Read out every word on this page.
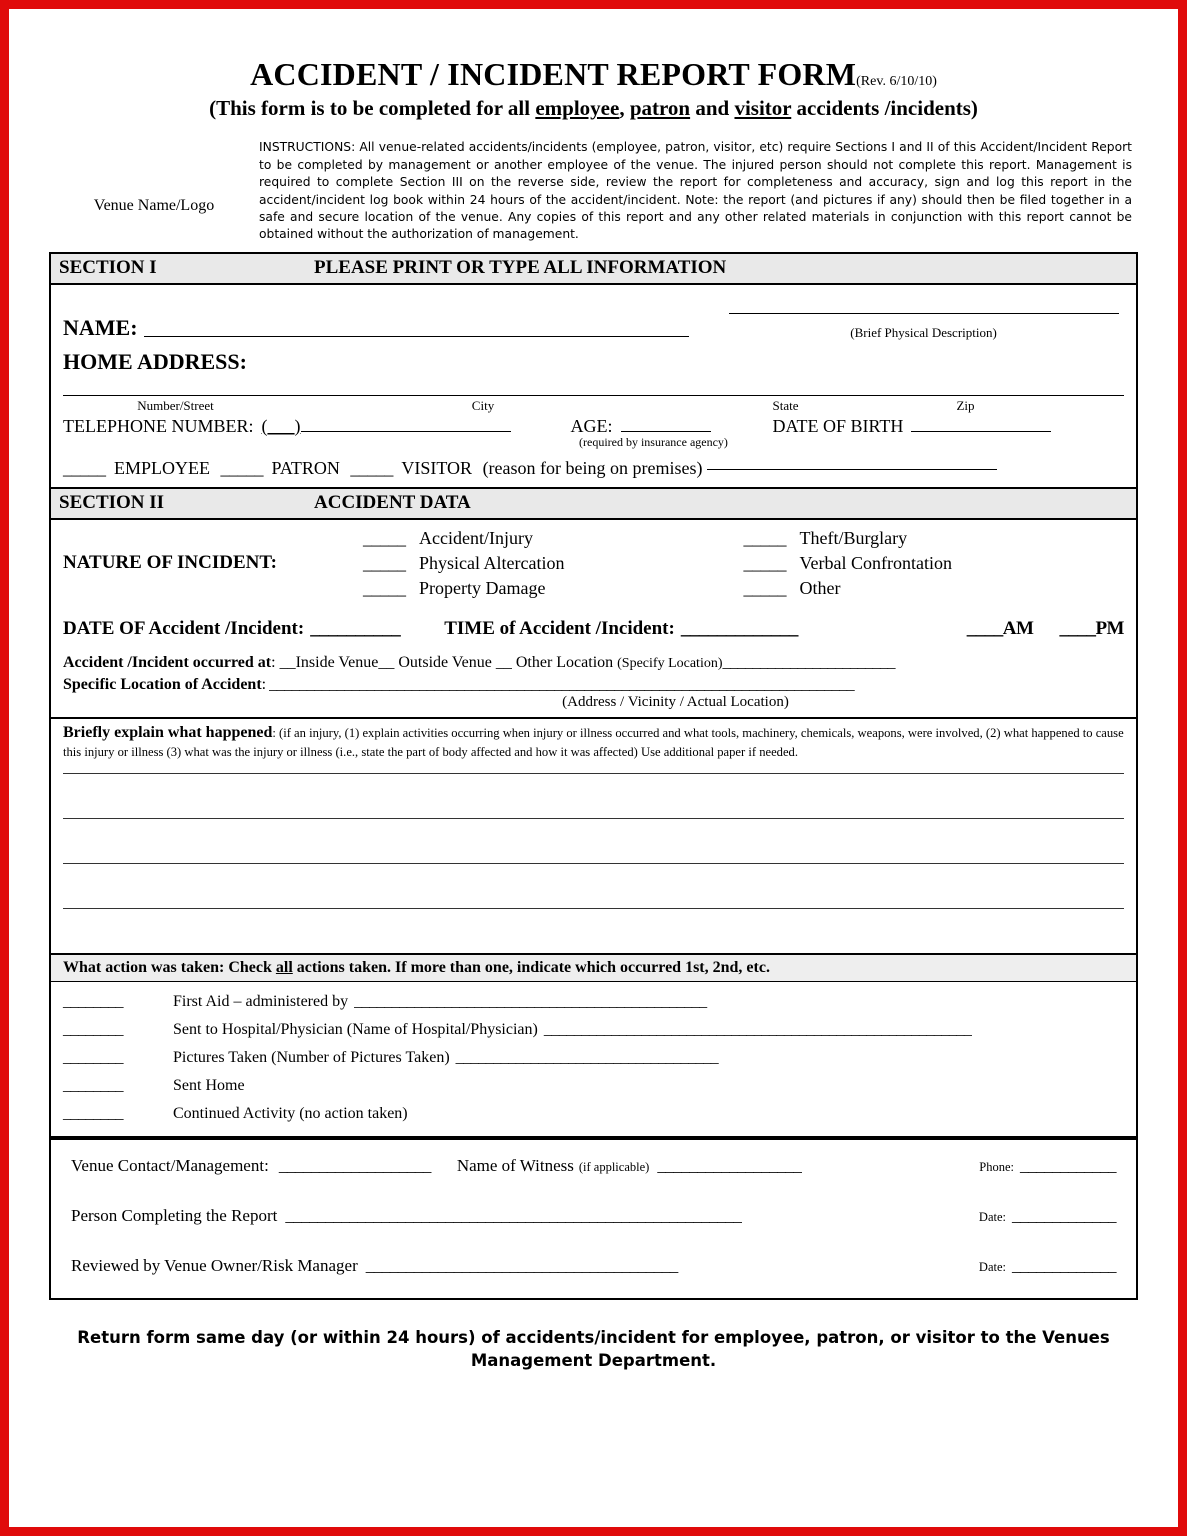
ACCIDENT / INCIDENT REPORT FORM(Rev. 6/10/10)
(This form is to be completed for all employee, patron and visitor accidents /incidents)
Venue Name/Logo
INSTRUCTIONS: All venue-related accidents/incidents (employee, patron, visitor, etc) require Sections I and II of this Accident/Incident Report to be completed by management or another employee of the venue. The injured person should not complete this report. Management is required to complete Section III on the reverse side, review the report for completeness and accuracy, sign and log this report in the accident/incident log book within 24 hours of the accident/incident. Note: the report (and pictures if any) should then be filed together in a safe and secure location of the venue. Any copies of this report and any other related materials in conjunction with this report cannot be obtained without the authorization of management.
SECTION I	PLEASE PRINT OR TYPE ALL INFORMATION
NAME:	(Brief Physical Description)
HOME ADDRESS:
Number/Street	City	State	Zip
TELEPHONE NUMBER: (___)	AGE:	DATE OF BIRTH
(required by insurance agency)
_____ EMPLOYEE _____ PATRON _____ VISITOR (reason for being on premises)
SECTION II	ACCIDENT DATA
NATURE OF INCIDENT:
_____ Accident/Injury
_____ Physical Altercation
_____ Property Damage
_____ Theft/Burglary
_____ Verbal Confrontation
_____ Other
DATE OF Accident /Incident: __________ TIME of Accident /Incident: _____________	____AM ____PM
Accident /Incident occurred at: __Inside Venue__ Outside Venue __ Other Location (Specify Location)_______________________
Specific Location of Accident: ______________________________________________________________________________
(Address / Vicinity / Actual Location)
Briefly explain what happened: (if an injury, (1) explain activities occurring when injury or illness occurred and what tools, machinery, chemicals, weapons, were involved, (2) what happened to cause this injury or illness (3) what was the injury or illness (i.e., state the part of body affected and how it was affected) Use additional paper if needed.
What action was taken: Check all actions taken. If more than one, indicate which occurred 1st, 2nd, etc.
________	First Aid – administered by _______________________________________________
________	Sent to Hospital/Physician (Name of Hospital/Physician) _________________________________________________________
________	Pictures Taken (Number of Pictures Taken) ___________________________________
________	Sent Home
________	Continued Activity (no action taken)
Venue Contact/Management: ___________________ Name of Witness (if applicable) __________________	Phone: ____________
Person Completing the Report _________________________________________________________	Date: _____________
Reviewed by Venue Owner/Risk Manager _______________________________________	Date: _____________
Return form same day (or within 24 hours) of accidents/incident for employee, patron, or visitor to the Venues Management Department.
